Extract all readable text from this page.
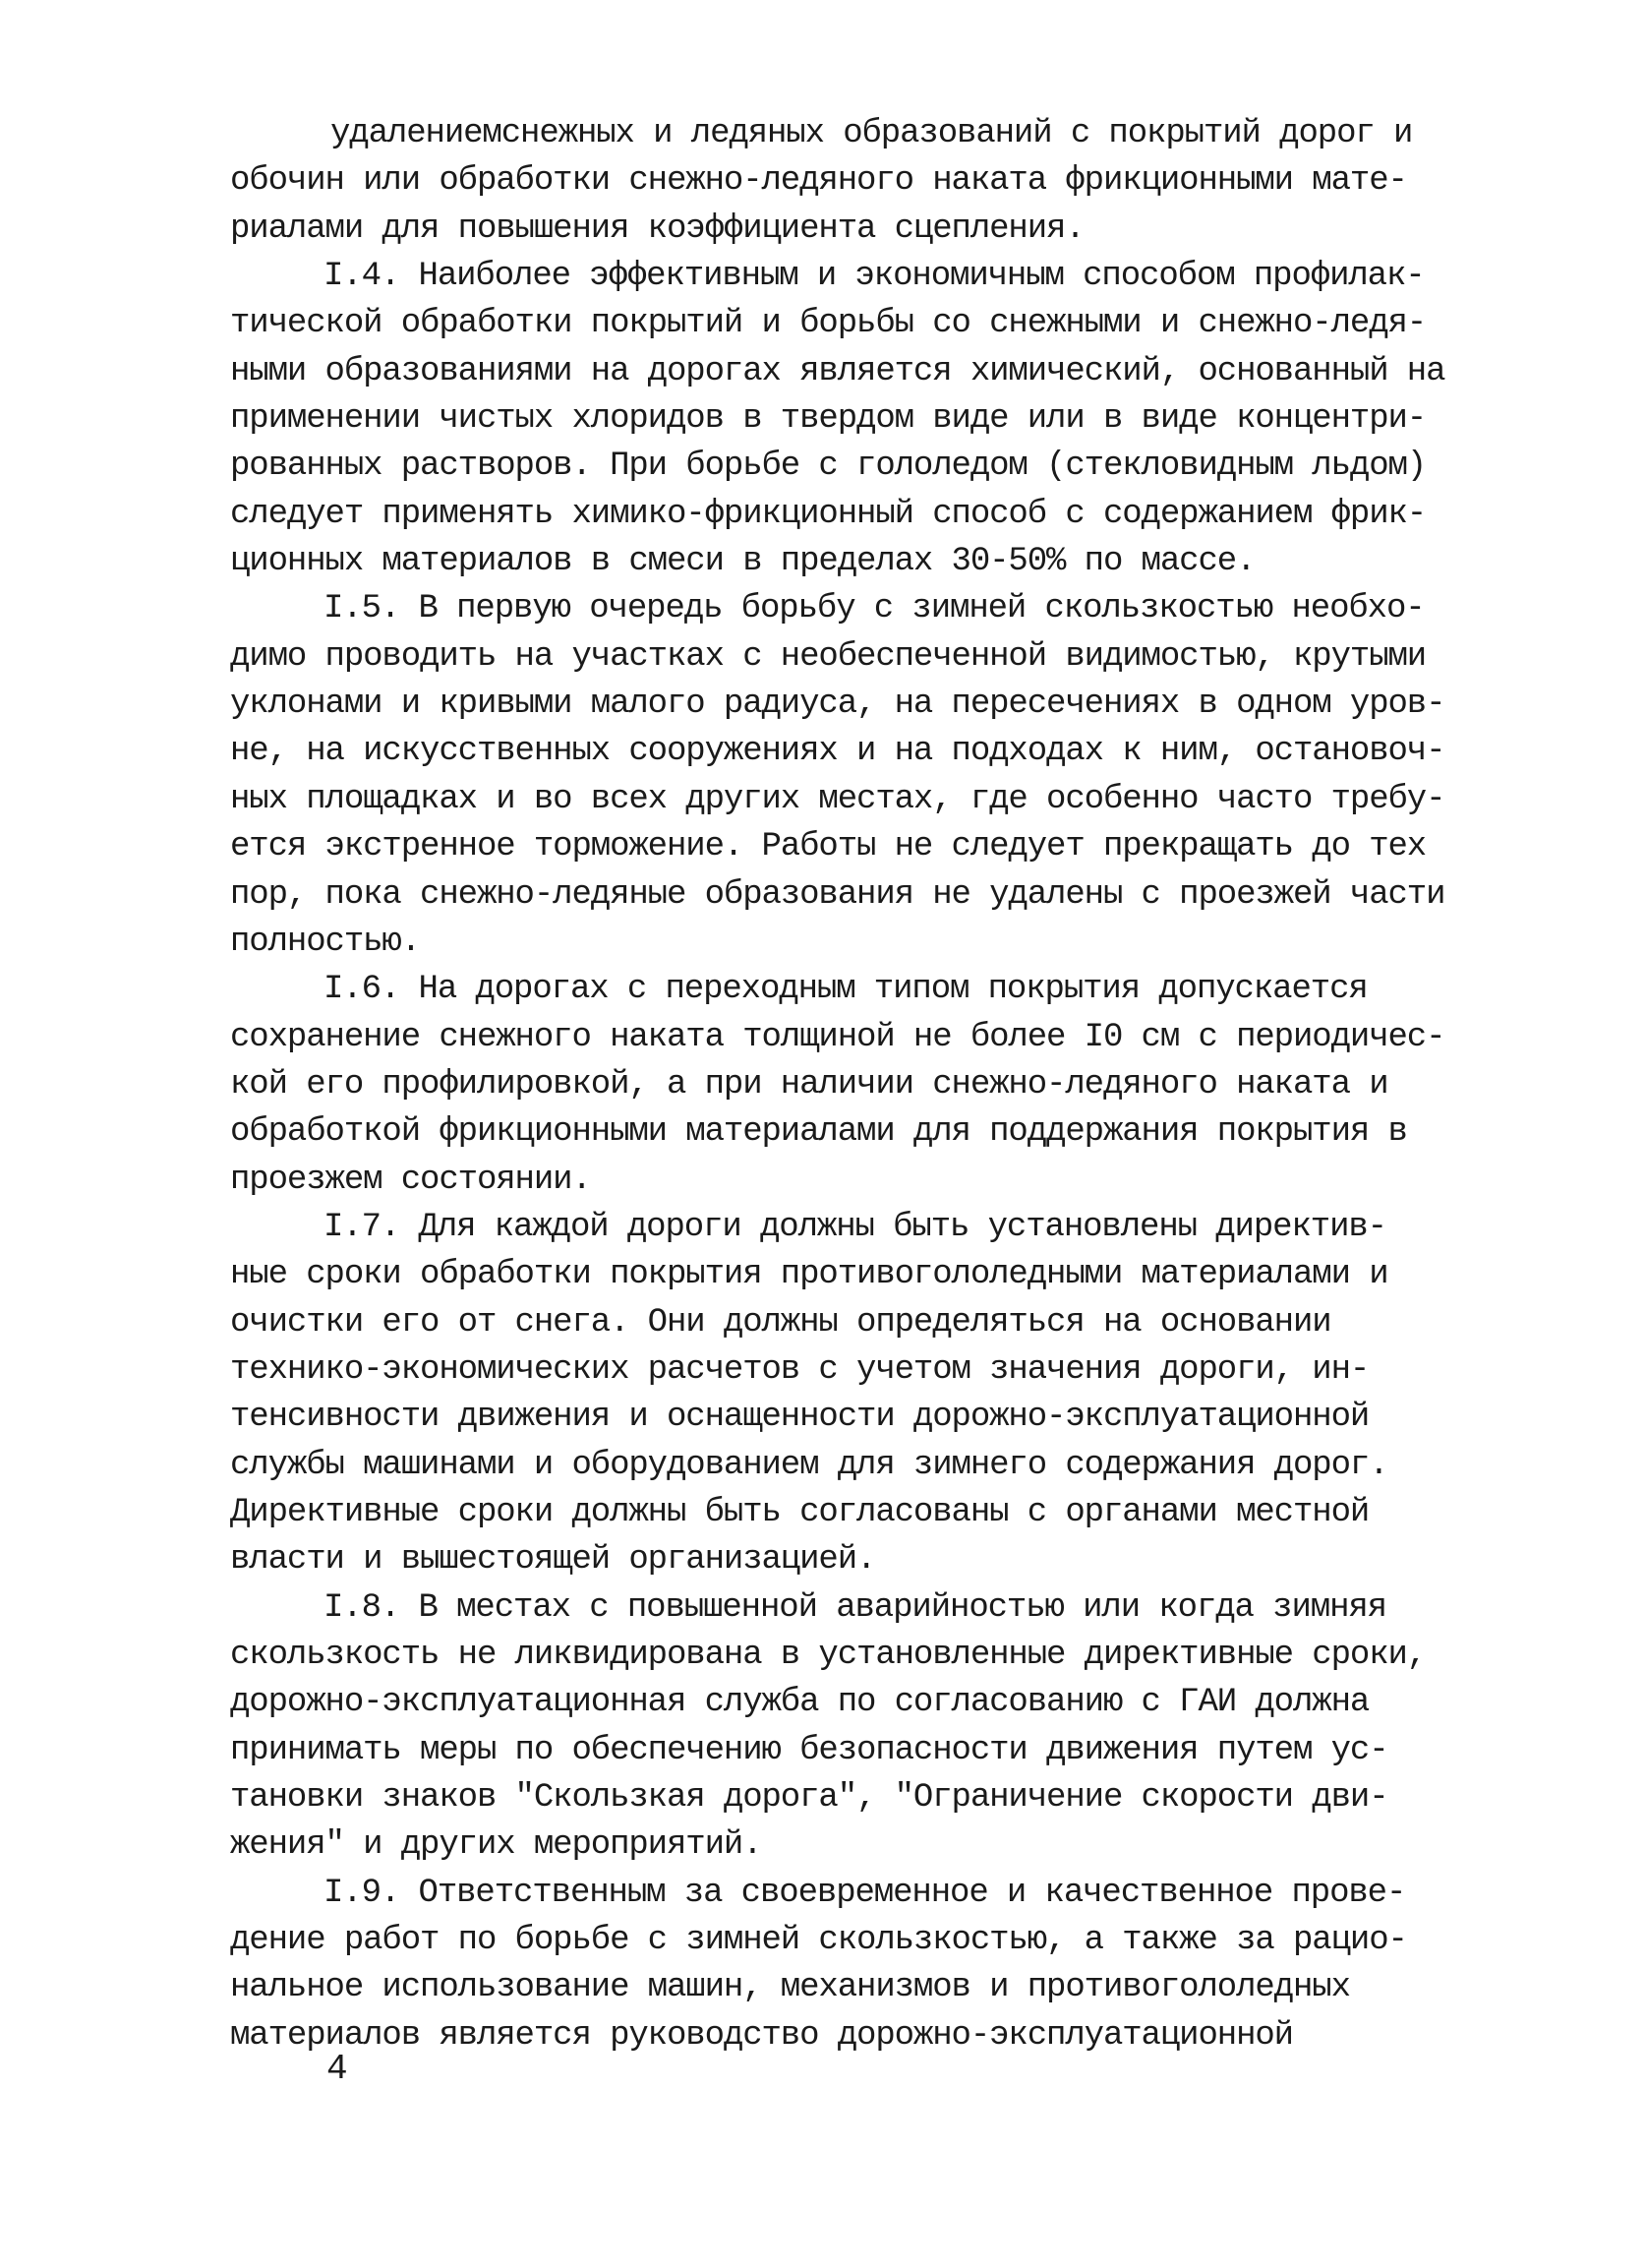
удалениемснежных и ледяных образований с покрытий дорог и
обочин или обработки снежно-ледяного наката фрикционными мате-
риалами для повышения коэффициента сцепления.
I.4. Наиболее эффективным и экономичным способом профилак-
тической обработки покрытий и борьбы со снежными и снежно-ледя-
ными образованиями на дорогах является химический, основанный на
применении чистых хлоридов в твердом виде или в виде концентри-
рованных растворов. При борьбе с гололедом (стекловидным льдом)
следует применять химико-фрикционный способ с содержанием фрик-
ционных материалов в смеси в пределах 30-50% по массе.
I.5. В первую очередь борьбу с зимней скользкостью необхо-
димо проводить на участках с необеспеченной видимостью, крутыми
уклонами и кривыми малого радиуса, на пересечениях в одном уров-
не, на искусственных сооружениях и на подходах к ним, остановоч-
ных площадках и во всех других местах, где особенно часто требу-
ется экстренное торможение. Работы не следует прекращать до тех
пор, пока снежно-ледяные образования не удалены с проезжей части
полностью.
I.6. На дорогах с переходным типом покрытия допускается
сохранение снежного наката толщиной не более I0 см с периодичес-
кой его профилировкой, а при наличии снежно-ледяного наката и
обработкой фрикционными материалами для поддержания покрытия в
проезжем состоянии.
I.7. Для каждой дороги должны быть установлены директив-
ные сроки обработки покрытия противогололедными материалами и
очистки его от снега. Они должны определяться на основании
технико-экономических расчетов с учетом значения дороги, ин-
тенсивности движения и оснащенности дорожно-эксплуатационной
службы машинами и оборудованием для зимнего содержания дорог.
Директивные сроки должны быть согласованы с органами местной
власти и вышестоящей организацией.
I.8. В местах с повышенной аварийностью или когда зимняя
скользкость не ликвидирована в установленные директивные сроки,
дорожно-эксплуатационная служба по согласованию с ГАИ должна
принимать меры по обеспечению безопасности движения путем ус-
тановки знаков "Скользкая дорога", "Ограничение скорости дви-
жения" и других мероприятий.
I.9. Ответственным за своевременное и качественное прове-
дение работ по борьбе с зимней скользкостью, а также за рацио-
нальное использование машин, механизмов и противогололедных
материалов является руководство дорожно-эксплуатационной
4
